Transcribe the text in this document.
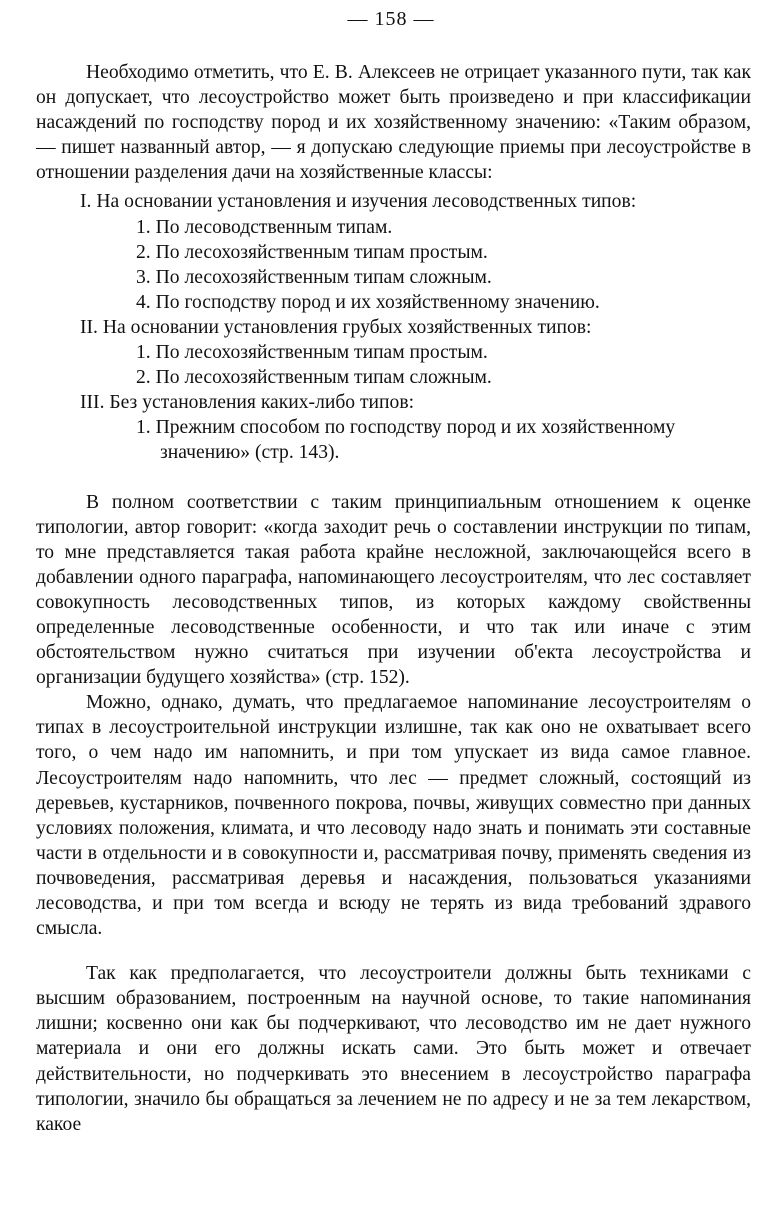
— 158 —

Необходимо отметить, что Е. В. Алексеев не отрицает указанного пути, так как он допускает, что лесоустройство может быть произведено и при классификации насаждений по господству пород и их хозяйственному значению: «Таким образом, — пишет названный автор, — я допускаю следующие приемы при лесоустройстве в отношении разделения дачи на хозяйственные классы:

I. На основании установления и изучения лесоводственных типов:
1. По лесоводственным типам.
2. По лесохозяйственным типам простым.
3. По лесохозяйственным типам сложным.
4. По господству пород и их хозяйственному значению.
II. На основании установления грубых хозяйственных типов:
1. По лесохозяйственным типам простым.
2. По лесохозяйственным типам сложным.
III. Без установления каких-либо типов:
1. Прежним способом по господству пород и их хозяйственному значению» (стр. 143).

В полном соответствии с таким принципиальным отношением к оценке типологии, автор говорит: «когда заходит речь о составлении инструкции по типам, то мне представляется такая работа крайне несложной, заключающейся всего в добавлении одного параграфа, напоминающего лесоустроителям, что лес составляет совокупность лесоводственных типов, из которых каждому свойственны определенные лесоводственные особенности, и что так или иначе с этим обстоятельством нужно считаться при изучении об'екта лесоустройства и организации будущего хозяйства» (стр. 152).

Можно, однако, думать, что предлагаемое напоминание лесоустроителям о типах в лесоустроительной инструкции излишне, так как оно не охватывает всего того, о чем надо им напомнить, и при том упускает из вида самое главное. Лесоустроителям надо напомнить, что лес — предмет сложный, состоящий из деревьев, кустарников, почвенного покрова, почвы, живущих совместно при данных условиях положения, климата, и что лесоводу надо знать и понимать эти составные части в отдельности и в совокупности и, рассматривая почву, применять сведения из почвоведения, рассматривая деревья и насаждения, пользоваться указаниями лесоводства, и при том всегда и всюду не терять из вида требований здравого смысла.

Так как предполагается, что лесоустроители должны быть техниками с высшим образованием, построенным на научной основе, то такие напоминания лишни; косвенно они как бы подчеркивают, что лесоводство им не дает нужного материала и они его должны искать сами. Это быть может и отвечает действительности, но подчеркивать это внесением в лесоустройство параграфа типологии, значило бы обращаться за лечением не по адресу и не за тем лекарством, какое
